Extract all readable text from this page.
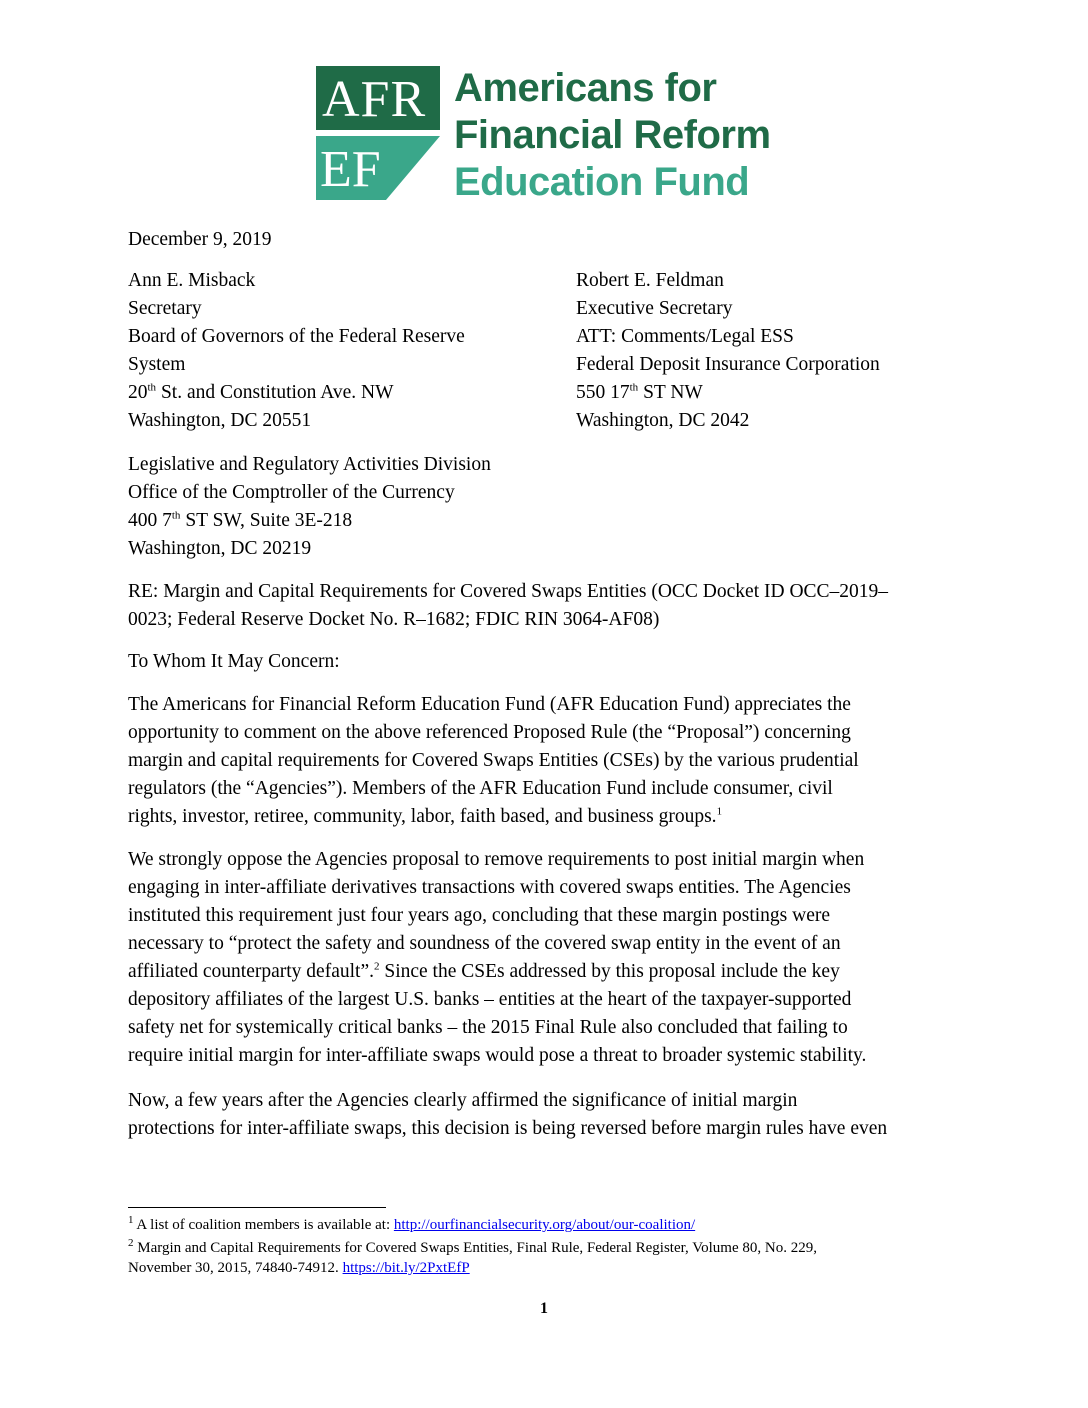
AFR
EF
Americans for
Financial Reform
Education Fund
December 9, 2019
Ann E. Misback
Secretary
Board of Governors of the Federal Reserve
System
20th St. and Constitution Ave. NW
Washington, DC 20551
Robert E. Feldman
Executive Secretary
ATT: Comments/Legal ESS
Federal Deposit Insurance Corporation
550 17th ST NW
Washington, DC 2042
Legislative and Regulatory Activities Division
Office of the Comptroller of the Currency
400 7th ST SW, Suite 3E-218
Washington, DC 20219
RE: Margin and Capital Requirements for Covered Swaps Entities (OCC Docket ID OCC–2019–
0023; Federal Reserve Docket No. R–1682; FDIC RIN 3064-AF08)
To Whom It May Concern:
The Americans for Financial Reform Education Fund (AFR Education Fund) appreciates the
opportunity to comment on the above referenced Proposed Rule (the “Proposal”) concerning
margin and capital requirements for Covered Swaps Entities (CSEs) by the various prudential
regulators (the “Agencies”). Members of the AFR Education Fund include consumer, civil
rights, investor, retiree, community, labor, faith based, and business groups.$^1$
We strongly oppose the Agencies proposal to remove requirements to post initial margin when
engaging in inter-affiliate derivatives transactions with covered swaps entities. The Agencies
instituted this requirement just four years ago, concluding that these margin postings were
necessary to “protect the safety and soundness of the covered swap entity in the event of an
affiliated counterparty default”.$^2$ Since the CSEs addressed by this proposal include the key
depository affiliates of the largest U.S. banks – entities at the heart of the taxpayer-supported
safety net for systemically critical banks – the 2015 Final Rule also concluded that failing to
require initial margin for inter-affiliate swaps would pose a threat to broader systemic stability.
Now, a few years after the Agencies clearly affirmed the significance of initial margin
protections for inter-affiliate swaps, this decision is being reversed before margin rules have even
$^1$ A list of coalition members is available at: http://ourfinancialsecurity.org/about/our-coalition/
$^2$ Margin and Capital Requirements for Covered Swaps Entities, Final Rule, Federal Register, Volume 80, No. 229,
November 30, 2015, 74840-74912. https://bit.ly/2PxtEfP
1
